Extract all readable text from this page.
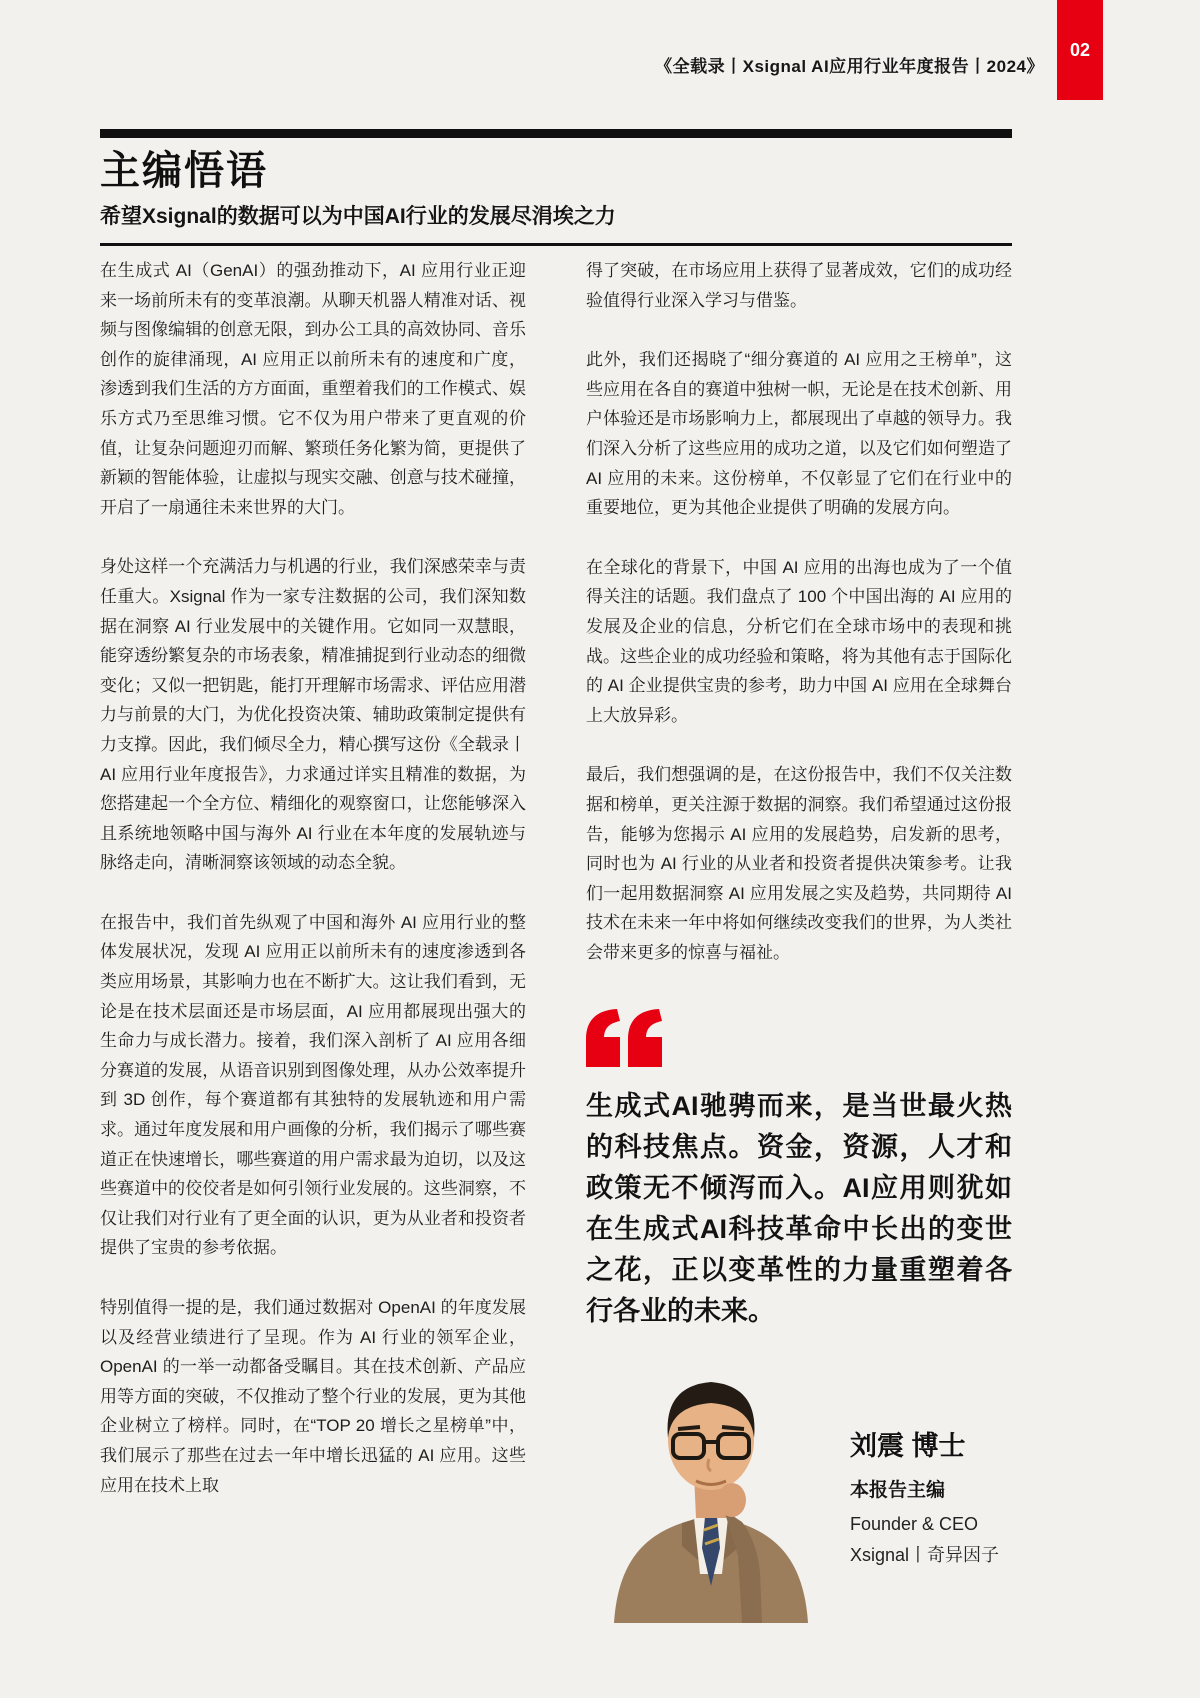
《全载录丨Xsignal AI应用行业年度报告丨2024》
02
主编悟语
希望Xsignal的数据可以为中国AI行业的发展尽涓埃之力

在生成式 AI（GenAI）的强劲推动下，AI 应用行业正迎来一场前所未有的变革浪潮。从聊天机器人精准对话、视频与图像编辑的创意无限，到办公工具的高效协同、音乐创作的旋律涌现，AI 应用正以前所未有的速度和广度，渗透到我们生活的方方面面，重塑着我们的工作模式、娱乐方式乃至思维习惯。它不仅为用户带来了更直观的价值，让复杂问题迎刃而解、繁琐任务化繁为简，更提供了新颖的智能体验，让虚拟与现实交融、创意与技术碰撞，开启了一扇通往未来世界的大门。

身处这样一个充满活力与机遇的行业，我们深感荣幸与责任重大。Xsignal 作为一家专注数据的公司，我们深知数据在洞察 AI 行业发展中的关键作用。它如同一双慧眼，能穿透纷繁复杂的市场表象，精准捕捉到行业动态的细微变化；又似一把钥匙，能打开理解市场需求、评估应用潜力与前景的大门，为优化投资决策、辅助政策制定提供有力支撑。因此，我们倾尽全力，精心撰写这份《全载录丨AI 应用行业年度报告》，力求通过详实且精准的数据，为您搭建起一个全方位、精细化的观察窗口，让您能够深入且系统地领略中国与海外 AI 行业在本年度的发展轨迹与脉络走向，清晰洞察该领域的动态全貌。

在报告中，我们首先纵观了中国和海外 AI 应用行业的整体发展状况，发现 AI 应用正以前所未有的速度渗透到各类应用场景，其影响力也在不断扩大。这让我们看到，无论是在技术层面还是市场层面，AI 应用都展现出强大的生命力与成长潜力。接着，我们深入剖析了 AI 应用各细分赛道的发展，从语音识别到图像处理，从办公效率提升到 3D 创作，每个赛道都有其独特的发展轨迹和用户需求。通过年度发展和用户画像的分析，我们揭示了哪些赛道正在快速增长，哪些赛道的用户需求最为迫切，以及这些赛道中的佼佼者是如何引领行业发展的。这些洞察，不仅让我们对行业有了更全面的认识，更为从业者和投资者提供了宝贵的参考依据。

特别值得一提的是，我们通过数据对 OpenAI 的年度发展以及经营业绩进行了呈现。作为 AI 行业的领军企业，OpenAI 的一举一动都备受瞩目。其在技术创新、产品应用等方面的突破，不仅推动了整个行业的发展，更为其他企业树立了榜样。同时，在“TOP 20 增长之星榜单”中，我们展示了那些在过去一年中增长迅猛的 AI 应用。这些应用在技术上取

得了突破，在市场应用上获得了显著成效，它们的成功经验值得行业深入学习与借鉴。

此外，我们还揭晓了“细分赛道的 AI 应用之王榜单”，这些应用在各自的赛道中独树一帜，无论是在技术创新、用户体验还是市场影响力上，都展现出了卓越的领导力。我们深入分析了这些应用的成功之道，以及它们如何塑造了 AI 应用的未来。这份榜单，不仅彰显了它们在行业中的重要地位，更为其他企业提供了明确的发展方向。

在全球化的背景下，中国 AI 应用的出海也成为了一个值得关注的话题。我们盘点了 100 个中国出海的 AI 应用的发展及企业的信息，分析它们在全球市场中的表现和挑战。这些企业的成功经验和策略，将为其他有志于国际化的 AI 企业提供宝贵的参考，助力中国 AI 应用在全球舞台上大放异彩。

最后，我们想强调的是，在这份报告中，我们不仅关注数据和榜单，更关注源于数据的洞察。我们希望通过这份报告，能够为您揭示 AI 应用的发展趋势，启发新的思考，同时也为 AI 行业的从业者和投资者提供决策参考。让我们一起用数据洞察 AI 应用发展之实及趋势，共同期待 AI 技术在未来一年中将如何继续改变我们的世界，为人类社会带来更多的惊喜与福祉。

生成式AI驰骋而来，是当世最火热的科技焦点。资金，资源，人才和政策无不倾泻而入。AI应用则犹如在生成式AI科技革命中长出的变世之花，正以变革性的力量重塑着各行各业的未来。
刘震 博士
本报告主编
Founder & CEO
Xsignal丨奇异因子
